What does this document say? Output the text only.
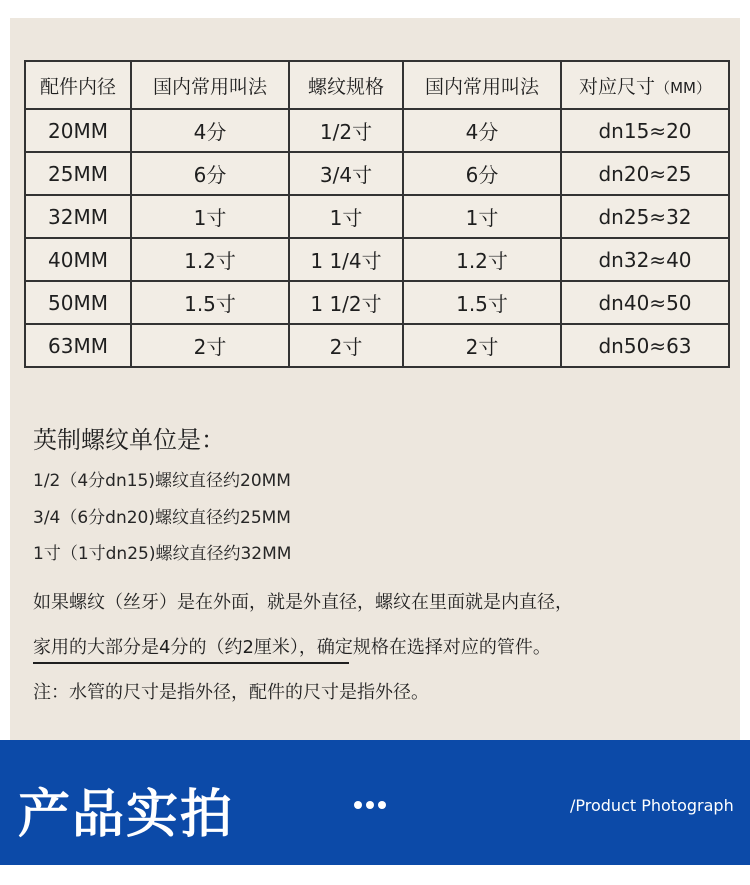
配件内径	国内常用叫法	螺纹规格	国内常用叫法	对应尺寸（MM）
20MM	4分	1/2寸	4分	dn15≈20
25MM	6分	3/4寸	6分	dn20≈25
32MM	1寸	1寸	1寸	dn25≈32
40MM	1.2寸	1 1/4寸	1.2寸	dn32≈40
50MM	1.5寸	1 1/2寸	1.5寸	dn40≈50
63MM	2寸	2寸	2寸	dn50≈63
英制螺纹单位是：
1/2（4分dn15)螺纹直径约20MM
3/4（6分dn20)螺纹直径约25MM
1寸（1寸dn25)螺纹直径约32MM
如果螺纹（丝牙）是在外面，就是外直径，螺纹在里面就是内直径，
家用的大部分是4分的（约2厘米），确定规格在选择对应的管件。
注：水管的尺寸是指外径，配件的尺寸是指外径。
产品实拍	/Product Photograph
